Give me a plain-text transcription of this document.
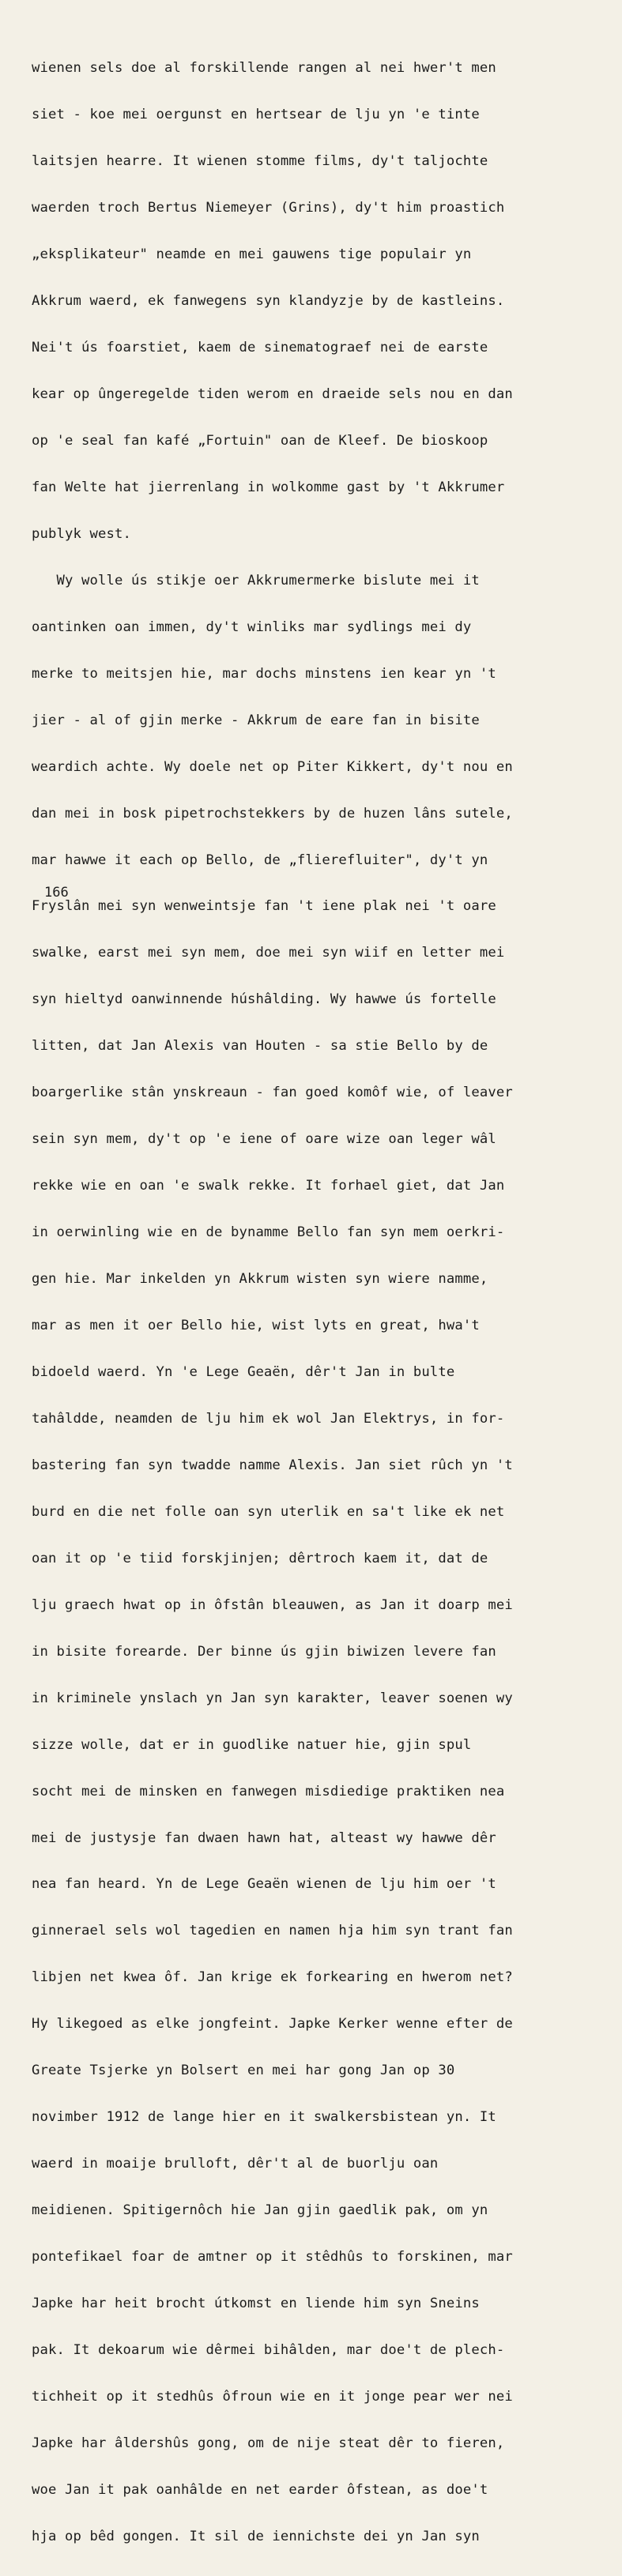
wienen sels doe al forskillende rangen al nei hwer't men

siet - koe mei oergunst en hertsear de lju yn 'e tinte

laitsjen hearre. It wienen stomme films, dy't taljochte

waerden troch Bertus Niemeyer (Grins), dy't him proastich

„eksplikateur" neamde en mei gauwens tige populair yn

Akkrum waerd, ek fanwegens syn klandyzje by de kastleins.

Nei't ús foarstiet, kaem de sinematograef nei de earste

kear op ûngeregelde tiden werom en draeide sels nou en dan

op 'e seal fan kafé „Fortuin" oan de Kleef. De bioskoop

fan Welte hat jierrenlang in wolkomme gast by 't Akkrumer

publyk west.

Wy wolle ús stikje oer Akkrumermerke bislute mei it

oantinken oan immen, dy't winliks mar sydlings mei dy

merke to meitsjen hie, mar dochs minstens ien kear yn 't

jier - al of gjin merke - Akkrum de eare fan in bisite

weardich achte. Wy doele net op Piter Kikkert, dy't nou en

dan mei in bosk pipetrochstekkers by de huzen lâns sutele,

mar hawwe it each op Bello, de „flierefluiter", dy't yn

Fryslân mei syn wenweintsje fan 't iene plak nei 't oare

swalke, earst mei syn mem, doe mei syn wiif en letter mei

syn hieltyd oanwinnende húshâlding. Wy hawwe ús fortelle

litten, dat Jan Alexis van Houten - sa stie Bello by de

boargerlike stân ynskreaun - fan goed komôf wie, of leaver

sein syn mem, dy't op 'e iene of oare wize oan leger wâl

rekke wie en oan 'e swalk rekke. It forhael giet, dat Jan

in oerwinling wie en de bynamme Bello fan syn mem oerkri-

gen hie. Mar inkelden yn Akkrum wisten syn wiere namme,

mar as men it oer Bello hie, wist lyts en great, hwa't

bidoeld waerd. Yn 'e Lege Geaën, dêr't Jan in bulte

tahâldde, neamden de lju him ek wol Jan Elektrys, in for-

bastering fan syn twadde namme Alexis. Jan siet rûch yn 't

burd en die net folle oan syn uterlik en sa't like ek net

oan it op 'e tiid forskjinjen; dêrtroch kaem it, dat de

lju graech hwat op in ôfstân bleauwen, as Jan it doarp mei

in bisite forearde. Der binne ús gjin biwizen levere fan

in kriminele ynslach yn Jan syn karakter, leaver soenen wy

sizze wolle, dat er in guodlike natuer hie, gjin spul

socht mei de minsken en fanwegen misdiedige praktiken nea

mei de justysje fan dwaen hawn hat, alteast wy hawwe dêr

nea fan heard. Yn de Lege Geaën wienen de lju him oer 't

ginnerael sels wol tagedien en namen hja him syn trant fan

libjen net kwea ôf. Jan krige ek forkearing en hwerom net?

Hy likegoed as elke jongfeint. Japke Kerker wenne efter de

Greate Tsjerke yn Bolsert en mei har gong Jan op 30

novimber 1912 de lange hier en it swalkersbistean yn. It

waerd in moaije brulloft, dêr't al de buorlju oan

meidienen. Spitigernôch hie Jan gjin gaedlik pak, om yn

pontefikael foar de amtner op it stêdhûs to forskinen, mar

Japke har heit brocht útkomst en liende him syn Sneins

pak. It dekoarum wie dêrmei bihâlden, mar doe't de plech-

tichheit op it stedhûs ôfroun wie en it jonge pear wer nei

Japke har âldershûs gong, om de nije steat dêr to fieren,

woe Jan it pak oanhâlde en net earder ôfstean, as doe't

hja op bêd gongen. It sil de iennichste dei yn Jan syn

166
